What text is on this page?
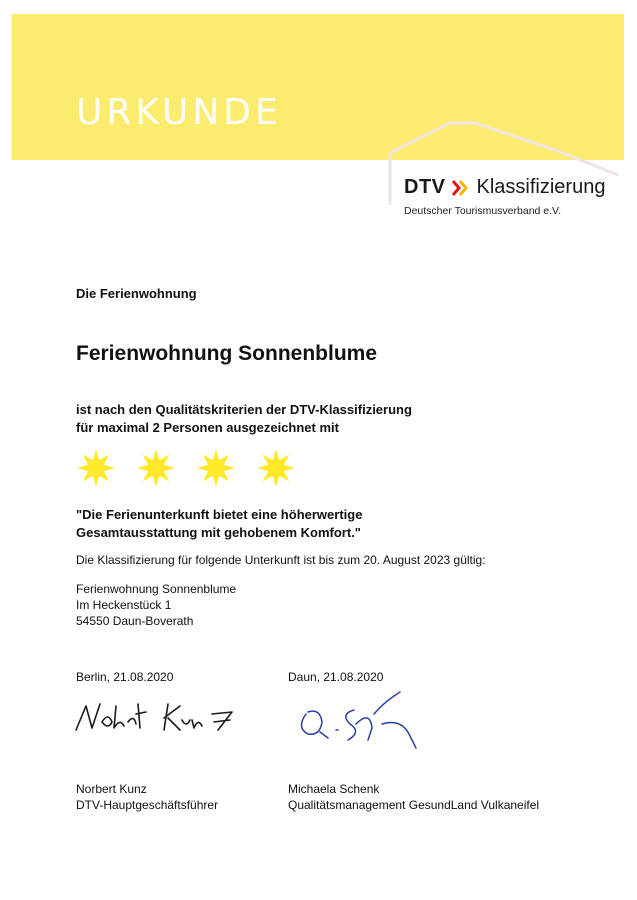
URKUNDE
DTV Klassifizierung
Deutscher Tourismusverband e.V.
Die Ferienwohnung
Ferienwohnung Sonnenblume
ist nach den Qualitätskriterien der DTV-Klassifizierung
für maximal 2 Personen ausgezeichnet mit
"Die Ferienunterkunft bietet eine höherwertige
Gesamtausstattung mit gehobenem Komfort."
Die Klassifizierung für folgende Unterkunft ist bis zum 20. August 2023 gültig:
Ferienwohnung Sonnenblume
Im Heckenstück 1
54550 Daun-Boverath
Berlin, 21.08.2020	Daun, 21.08.2020
Norbert Kunz
DTV-Hauptgeschäftsführer
Michaela Schenk
Qualitätsmanagement GesundLand Vulkaneifel
